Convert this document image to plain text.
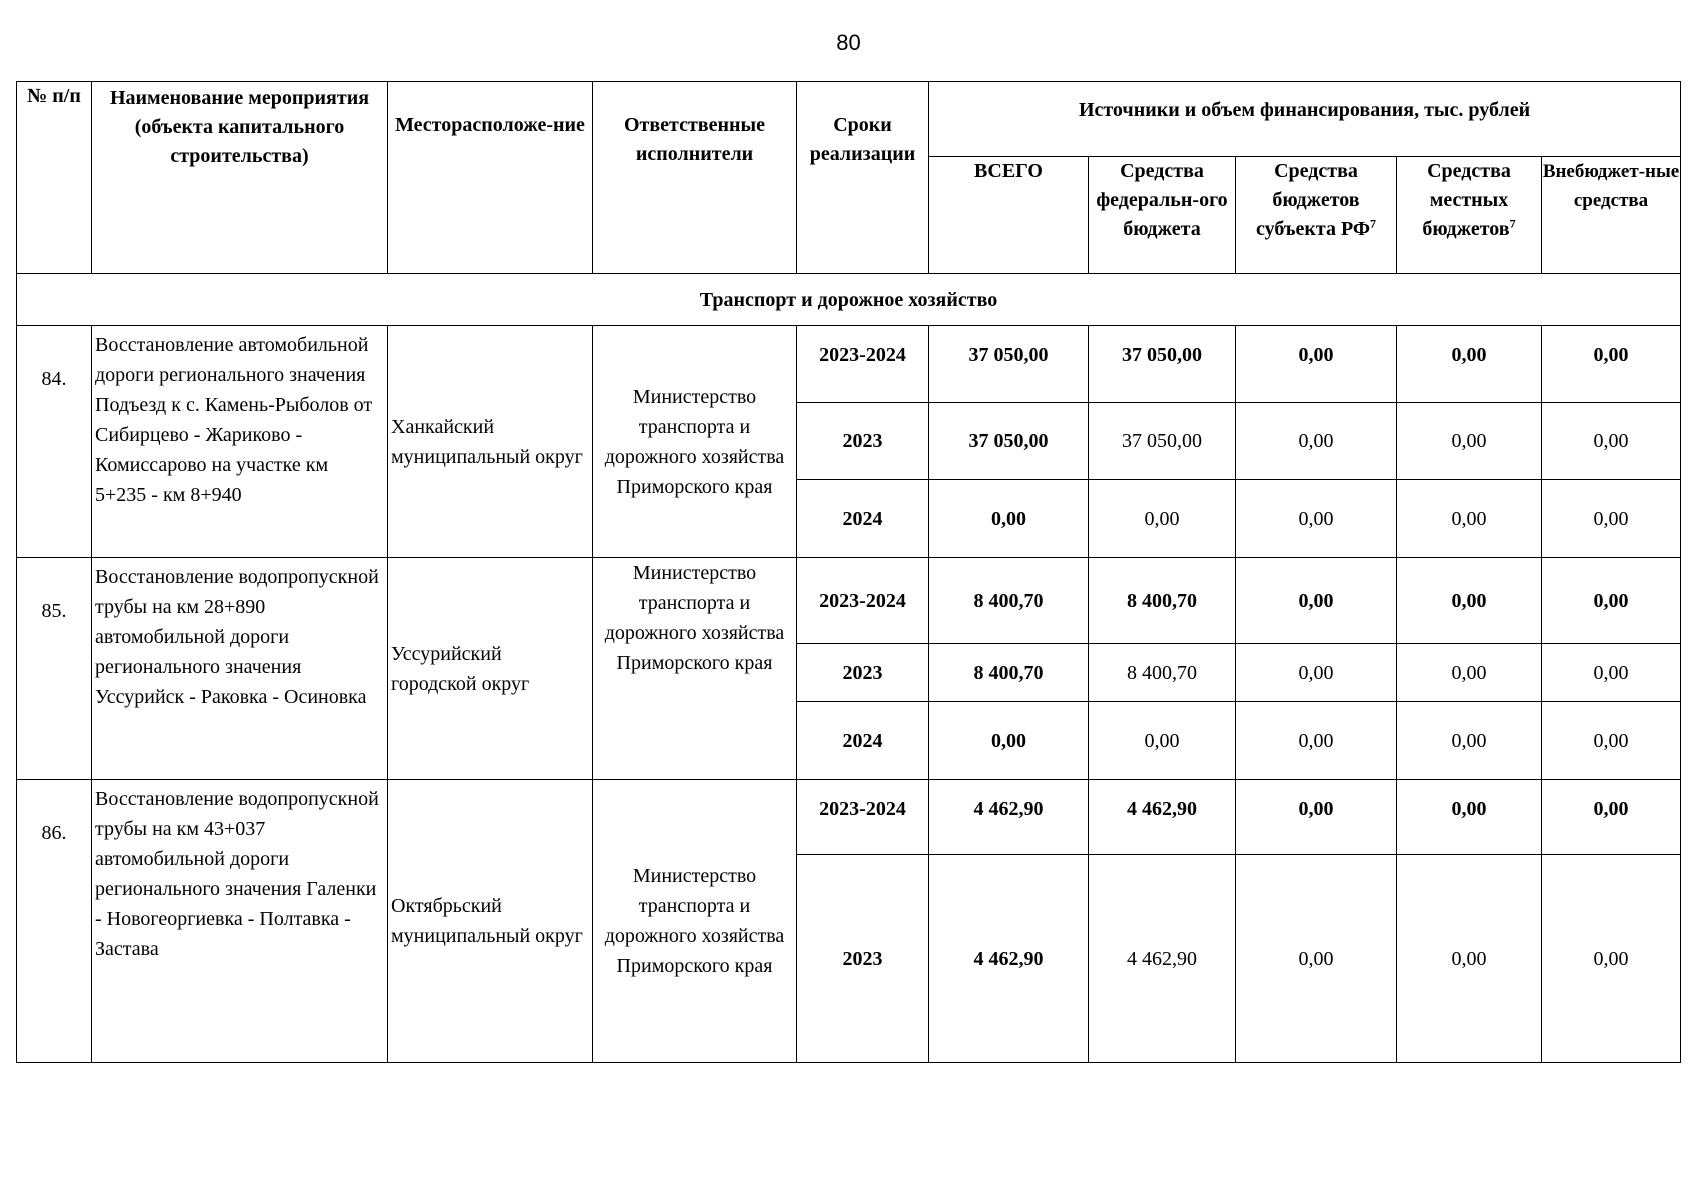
80
№ п/п	Наименование мероприятия (объекта капитального строительства)	Месторасположе-ние	Ответственные исполнители	Сроки реализации	Источники и объем финансирования, тыс. рублей				
					ВСЕГО	Средства федеральн-ого бюджета	Средства бюджетов субъекта $РФ^7$	Средства местных бюджетов$^7$	Внебюджет-ные средства
Транспорт и дорожное хозяйство									
84.	Восстановление автомобильной дороги регионального значения Подъезд к с. Камень-Рыболов от Сибирцево - Жариково - Комиссарово на участке км 5+235 - км 8+940	Ханкайский муниципальный округ	Министерство транспорта и дорожного хозяйства Приморского края	2023-2024	37 050,00	37 050,00	0,00	0,00	0,00
				2023	37 050,00	37 050,00	0,00	0,00	0,00
				2024	0,00	0,00	0,00	0,00	0,00
85.	Восстановление водопропускной трубы на км 28+890 автомобильной дороги регионального значения Уссурийск - Раковка - Осиновка	Уссурийский городской округ	Министерство транспорта и дорожного хозяйства Приморского края	2023-2024	8 400,70	8 400,70	0,00	0,00	0,00
				2023	8 400,70	8 400,70	0,00	0,00	0,00
				2024	0,00	0,00	0,00	0,00	0,00
86.	Восстановление водопропускной трубы на км 43+037 автомобильной дороги регионального значения Галенки - Новогеоргиевка - Полтавка - Застава	Октябрьский муниципальный округ	Министерство транспорта и дорожного хозяйства Приморского края	2023-2024	4 462,90	4 462,90	0,00	0,00	0,00
				2023	4 462,90	4 462,90	0,00	0,00	0,00
